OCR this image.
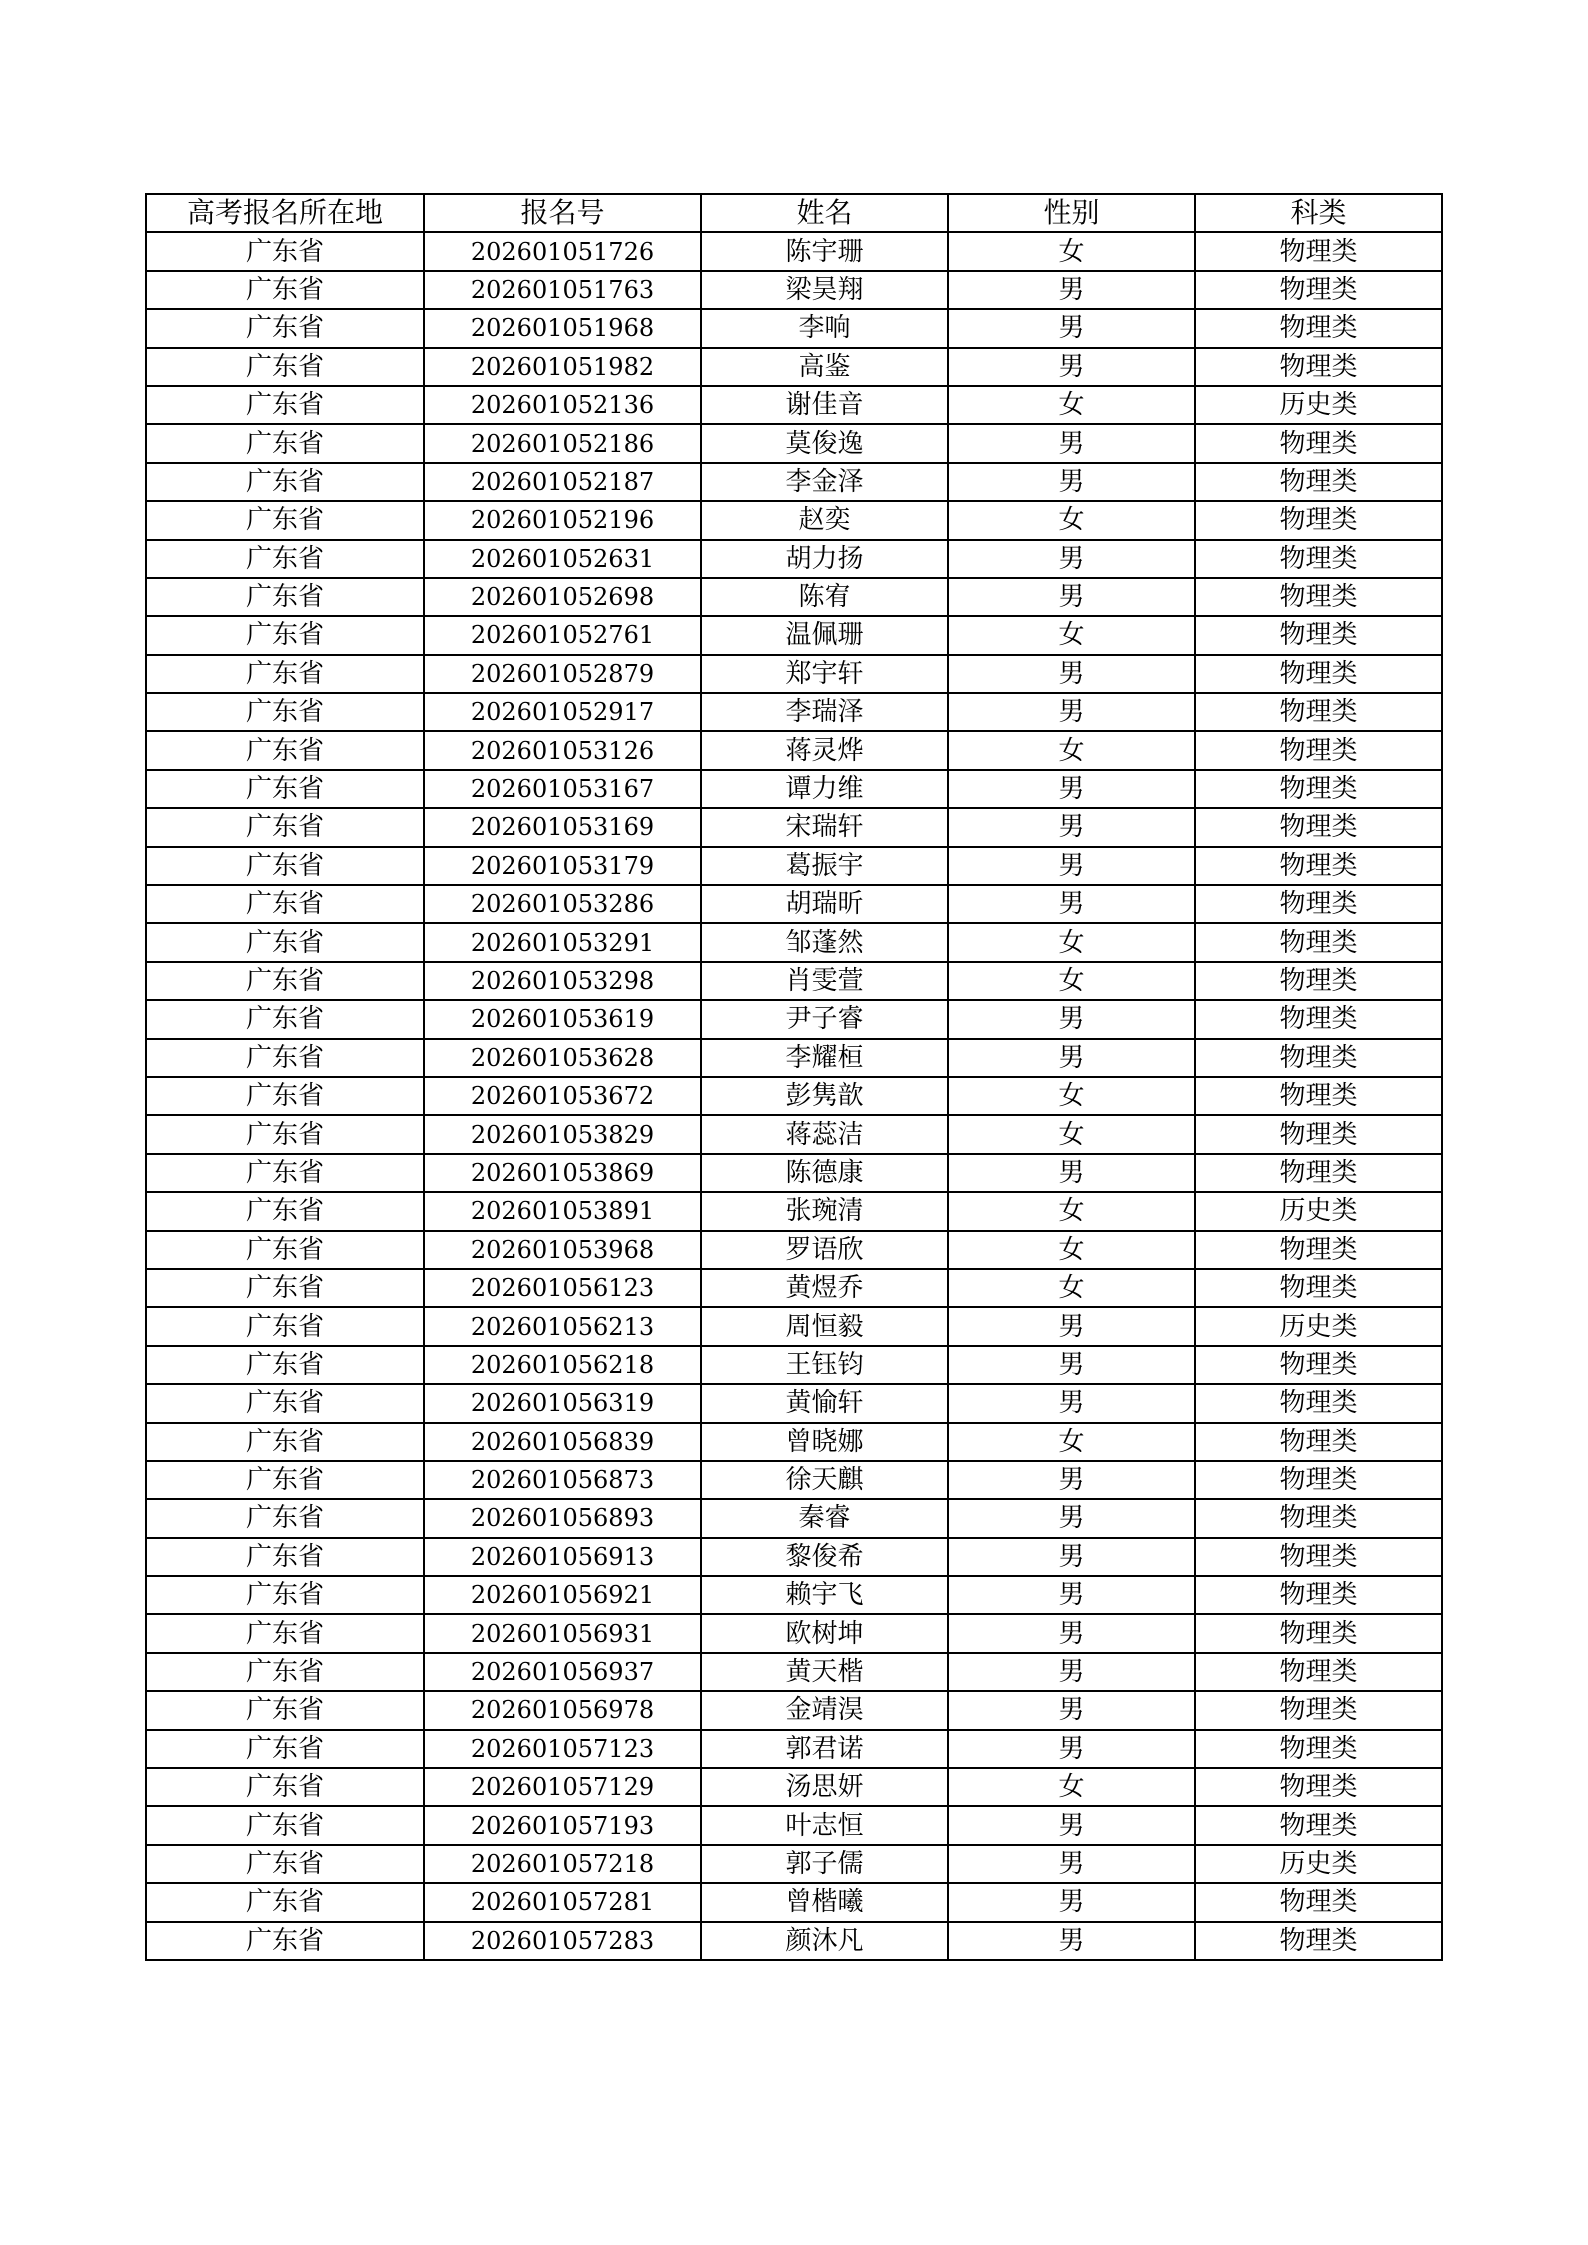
高考报名所在地	报名号	姓名	性别	科类
广东省	202601051726	陈宇珊	女	物理类
广东省	202601051763	梁昊翔	男	物理类
广东省	202601051968	李响	男	物理类
广东省	202601051982	高鉴	男	物理类
广东省	202601052136	谢佳音	女	历史类
广东省	202601052186	莫俊逸	男	物理类
广东省	202601052187	李金泽	男	物理类
广东省	202601052196	赵奕	女	物理类
广东省	202601052631	胡力扬	男	物理类
广东省	202601052698	陈宥	男	物理类
广东省	202601052761	温佩珊	女	物理类
广东省	202601052879	郑宇轩	男	物理类
广东省	202601052917	李瑞泽	男	物理类
广东省	202601053126	蒋灵烨	女	物理类
广东省	202601053167	谭力维	男	物理类
广东省	202601053169	宋瑞轩	男	物理类
广东省	202601053179	葛振宇	男	物理类
广东省	202601053286	胡瑞昕	男	物理类
广东省	202601053291	邹蓬然	女	物理类
广东省	202601053298	肖雯萱	女	物理类
广东省	202601053619	尹子睿	男	物理类
广东省	202601053628	李耀桓	男	物理类
广东省	202601053672	彭隽歆	女	物理类
广东省	202601053829	蒋蕊洁	女	物理类
广东省	202601053869	陈德康	男	物理类
广东省	202601053891	张琬清	女	历史类
广东省	202601053968	罗语欣	女	物理类
广东省	202601056123	黄煜乔	女	物理类
广东省	202601056213	周恒毅	男	历史类
广东省	202601056218	王钰钧	男	物理类
广东省	202601056319	黄愉轩	男	物理类
广东省	202601056839	曾晓娜	女	物理类
广东省	202601056873	徐天麒	男	物理类
广东省	202601056893	秦睿	男	物理类
广东省	202601056913	黎俊希	男	物理类
广东省	202601056921	赖宇飞	男	物理类
广东省	202601056931	欧树坤	男	物理类
广东省	202601056937	黄天楷	男	物理类
广东省	202601056978	金靖淏	男	物理类
广东省	202601057123	郭君诺	男	物理类
广东省	202601057129	汤思妍	女	物理类
广东省	202601057193	叶志恒	男	物理类
广东省	202601057218	郭子儒	男	历史类
广东省	202601057281	曾楷曦	男	物理类
广东省	202601057283	颜沐凡	男	物理类
